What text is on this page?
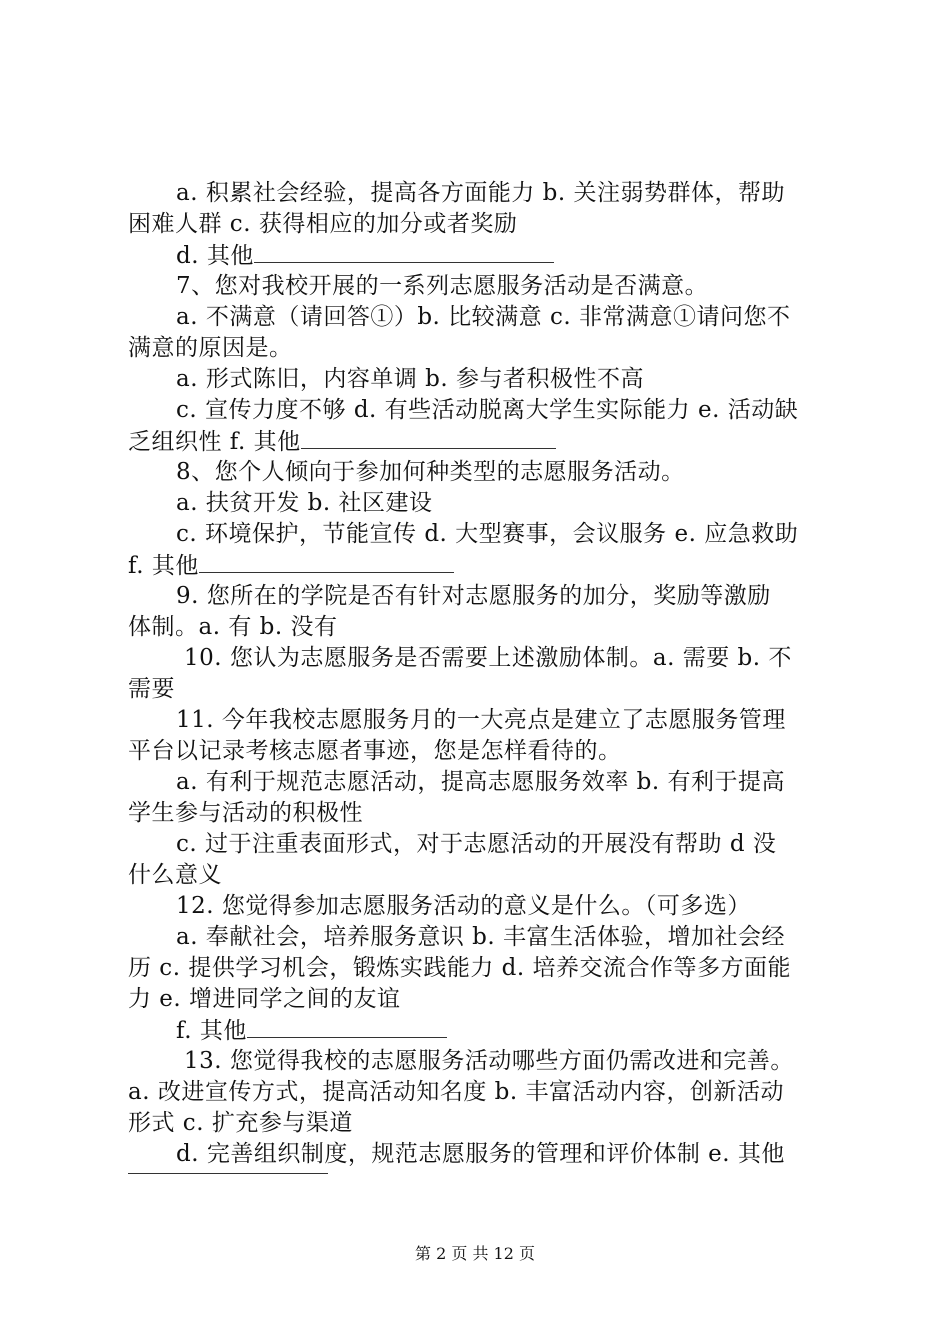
a. 积累社会经验，提高各方面能力 b. 关注弱势群体，帮助
困难人群 c. 获得相应的加分或者奖励
d. 其他
7、您对我校开展的一系列志愿服务活动是否满意。
a. 不满意（请回答①）b. 比较满意 c. 非常满意①请问您不
满意的原因是。
a. 形式陈旧，内容单调 b. 参与者积极性不高
c. 宣传力度不够 d. 有些活动脱离大学生实际能力 e. 活动缺
乏组织性 f. 其他
8、您个人倾向于参加何种类型的志愿服务活动。
a. 扶贫开发 b. 社区建设
c. 环境保护，节能宣传 d. 大型赛事，会议服务 e. 应急救助
f. 其他
9. 您所在的学院是否有针对志愿服务的加分，奖励等激励
体制。a. 有 b. 没有
10. 您认为志愿服务是否需要上述激励体制。a. 需要 b. 不
需要
11. 今年我校志愿服务月的一大亮点是建立了志愿服务管理
平台以记录考核志愿者事迹，您是怎样看待的。
a. 有利于规范志愿活动，提高志愿服务效率 b. 有利于提高
学生参与活动的积极性
c. 过于注重表面形式，对于志愿活动的开展没有帮助 d 没
什么意义
12. 您觉得参加志愿服务活动的意义是什么。（可多选）
a. 奉献社会，培养服务意识 b. 丰富生活体验，增加社会经
历 c. 提供学习机会，锻炼实践能力 d. 培养交流合作等多方面能
力 e. 增进同学之间的友谊
f. 其他
13. 您觉得我校的志愿服务活动哪些方面仍需改进和完善。
a. 改进宣传方式，提高活动知名度 b. 丰富活动内容，创新活动
形式 c. 扩充参与渠道
d. 完善组织制度，规范志愿服务的管理和评价体制 e. 其他
第 2 页 共 12 页
